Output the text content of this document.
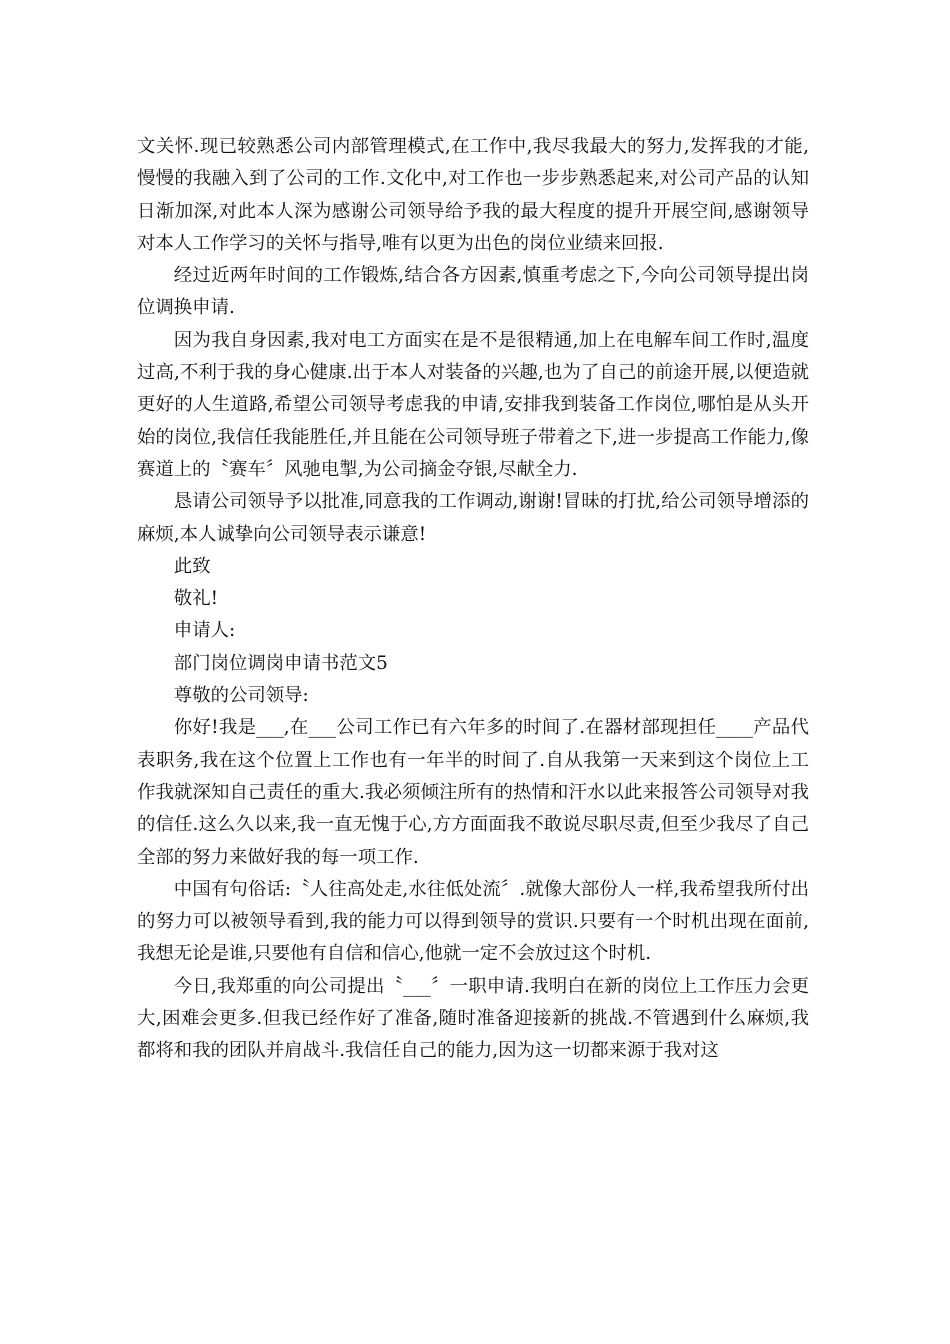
文关怀.现已较熟悉公司内部管理模式,在工作中,我尽我最大的努力,发挥我的才能,慢慢的我融入到了公司的工作.文化中,对工作也一步步熟悉起来,对公司产品的认知日渐加深,对此本人深为感谢公司领导给予我的最大程度的提升开展空间,感谢领导对本人工作学习的关怀与指导,唯有以更为出色的岗位业绩来回报.

经过近两年时间的工作锻炼,结合各方因素,慎重考虑之下,今向公司领导提出岗位调换申请.

因为我自身因素,我对电工方面实在是不是很精通,加上在电解车间工作时,温度过高,不利于我的身心健康.出于本人对装备的兴趣,也为了自己的前途开展,以便造就更好的人生道路,希望公司领导考虑我的申请,安排我到装备工作岗位,哪怕是从头开始的岗位,我信任我能胜任,并且能在公司领导班子带着之下,进一步提高工作能力,像赛道上的〝赛车〞风驰电掣,为公司摘金夺银,尽献全力.

恳请公司领导予以批准,同意我的工作调动,谢谢!冒昧的打扰,给公司领导增添的麻烦,本人诚挚向公司领导表示谦意!

此致

敬礼!

申请人:

部门岗位调岗申请书范文5

尊敬的公司领导:

你好!我是___,在___公司工作已有六年多的时间了.在器材部现担任____产品代表职务,我在这个位置上工作也有一年半的时间了.自从我第一天来到这个岗位上工作我就深知自己责任的重大.我必须倾注所有的热情和汗水以此来报答公司领导对我的信任.这么久以来,我一直无愧于心,方方面面我不敢说尽职尽责,但至少我尽了自己全部的努力来做好我的每一项工作.

中国有句俗话:〝人往高处走,水往低处流〞.就像大部份人一样,我希望我所付出的努力可以被领导看到,我的能力可以得到领导的赏识.只要有一个时机出现在面前,我想无论是谁,只要他有自信和信心,他就一定不会放过这个时机.

今日,我郑重的向公司提出〝___〞一职申请.我明白在新的岗位上工作压力会更大,困难会更多.但我已经作好了准备,随时准备迎接新的挑战.不管遇到什么麻烦,我都将和我的团队并肩战斗.我信任自己的能力,因为这一切都来源于我对这
